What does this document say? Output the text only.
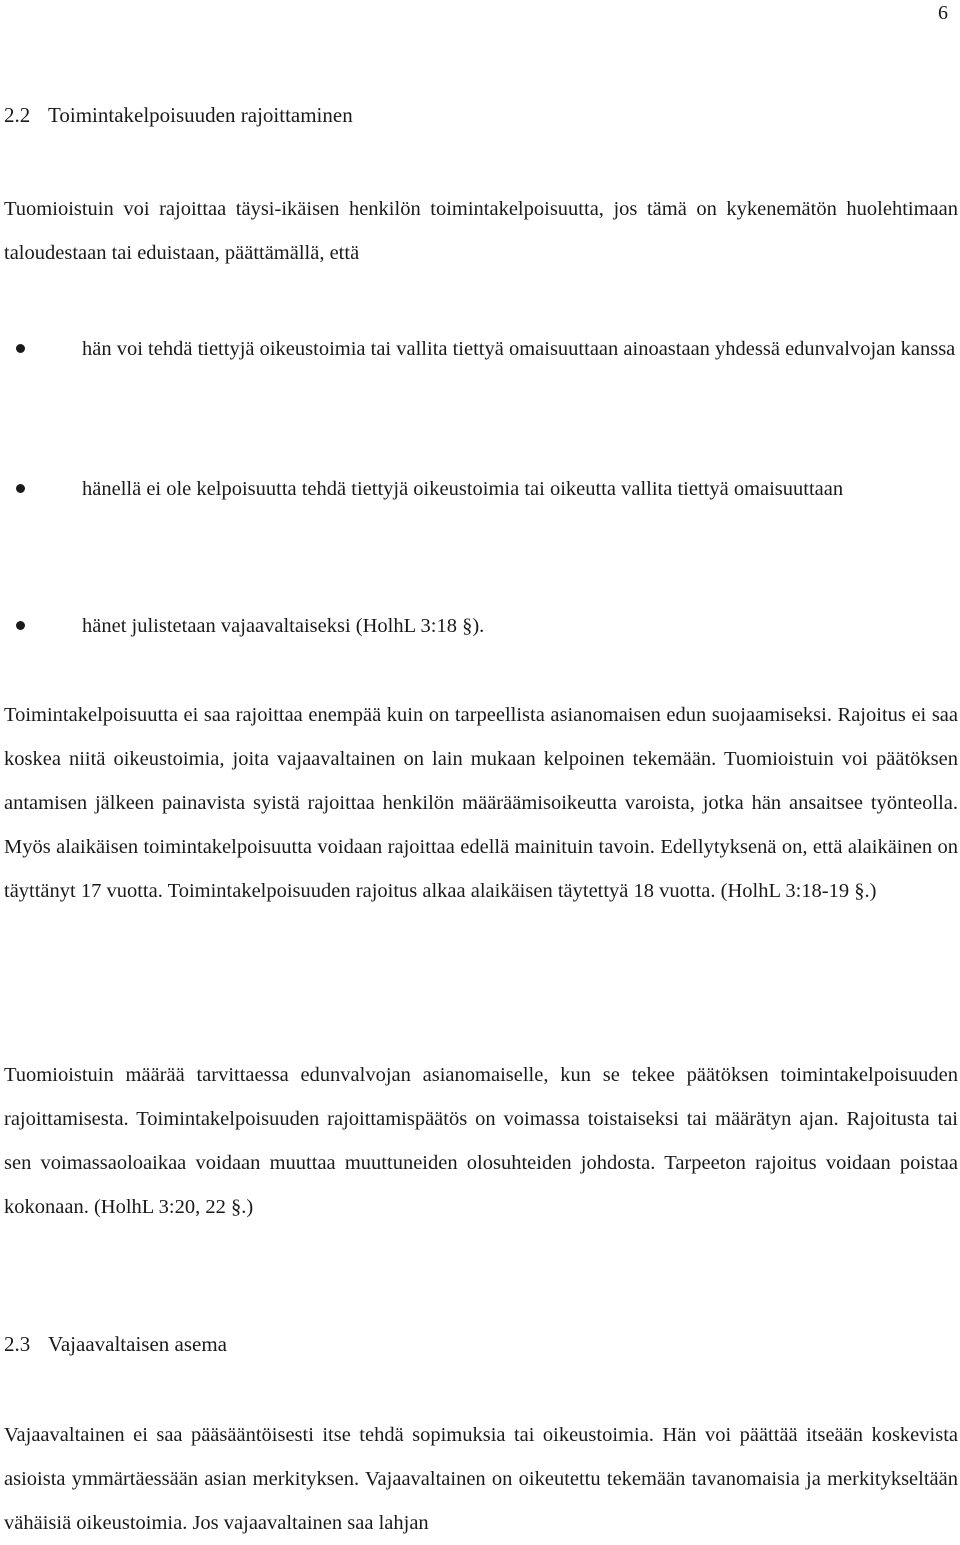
6
2.2 Toimintakelpoisuuden rajoittaminen
Tuomioistuin voi rajoittaa täysi-ikäisen henkilön toimintakelpoisuutta, jos tämä on kykenemätön huolehtimaan taloudestaan tai eduistaan, päättämällä, että
hän voi tehdä tiettyjä oikeustoimia tai vallita tiettyä omaisuuttaan ainoastaan yhdessä edunvalvojan kanssa
hänellä ei ole kelpoisuutta tehdä tiettyjä oikeustoimia tai oikeutta vallita tiettyä omaisuuttaan
hänet julistetaan vajaavaltaiseksi (HolhL 3:18 §).
Toimintakelpoisuutta ei saa rajoittaa enempää kuin on tarpeellista asianomaisen edun suojaamiseksi. Rajoitus ei saa koskea niitä oikeustoimia, joita vajaavaltainen on lain mukaan kelpoinen tekemään. Tuomioistuin voi päätöksen antamisen jälkeen painavista syistä rajoittaa henkilön määräämisoikeutta varoista, jotka hän ansaitsee työnteolla. Myös alaikäisen toimintakelpoisuutta voidaan rajoittaa edellä mainituin tavoin. Edellytyksenä on, että alaikäinen on täyttänyt 17 vuotta. Toimintakelpoisuuden rajoitus alkaa alaikäisen täytettyä 18 vuotta. (HolhL 3:18-19 §.)
Tuomioistuin määrää tarvittaessa edunvalvojan asianomaiselle, kun se tekee päätöksen toimintakelpoisuuden rajoittamisesta. Toimintakelpoisuuden rajoittamispäätös on voimassa toistaiseksi tai määrätyn ajan. Rajoitusta tai sen voimassaoloaikaa voidaan muuttaa muuttuneiden olosuhteiden johdosta. Tarpeeton rajoitus voidaan poistaa kokonaan. (HolhL 3:20, 22 §.)
2.3 Vajaavaltaisen asema
Vajaavaltainen ei saa pääsääntöisesti itse tehdä sopimuksia tai oikeustoimia. Hän voi päättää itseään koskevista asioista ymmärtäessään asian merkityksen. Vajaavaltainen on oikeutettu tekemään tavanomaisia ja merkitykseltään vähäisiä oikeustoimia. Jos vajaavaltainen saa lahjan
